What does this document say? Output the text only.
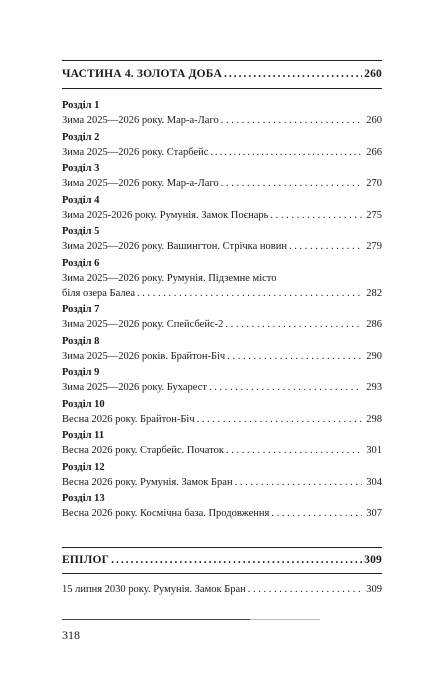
ЧАСТИНА 4. ЗОЛОТА ДОБА .....	260
Розділ 1
Зима 2025—2026 року. Мар-а-Лаго . . .	260
Розділ 2
Зима 2025—2026 року. Старбейс .....	266
Розділ 3
Зима 2025—2026 року. Мар-а-Лаго . . .	270
Розділ 4
Зима 2025-2026 року. Румунія. Замок Поєнарь . . .	275
Розділ 5
Зима 2025—2026 року. Вашингтон. Стрічка новин . . .	279
Розділ 6
Зима 2025—2026 року. Румунія. Підземне місто
біля озера Балеа . . .	282
Розділ 7
Зима 2025—2026 року. Спейсбейс-2 . . .	286
Розділ 8
Зима 2025—2026 років. Брайтон-Біч . . .	290
Розділ 9
Зима 2025—2026 року. Бухарест . . .	293
Розділ 10
Весна 2026 року. Брайтон-Біч . . .	298
Розділ 11
Весна 2026 року. Старбейс. Початок . . .	301
Розділ 12
Весна 2026 року. Румунія. Замок Бран . . .	304
Розділ 13
Весна 2026 року. Космічна база. Продовження . . .	307
ЕПІЛОГ .....	309
15 липня 2030 року. Румунія. Замок Бран . . .	309
318
